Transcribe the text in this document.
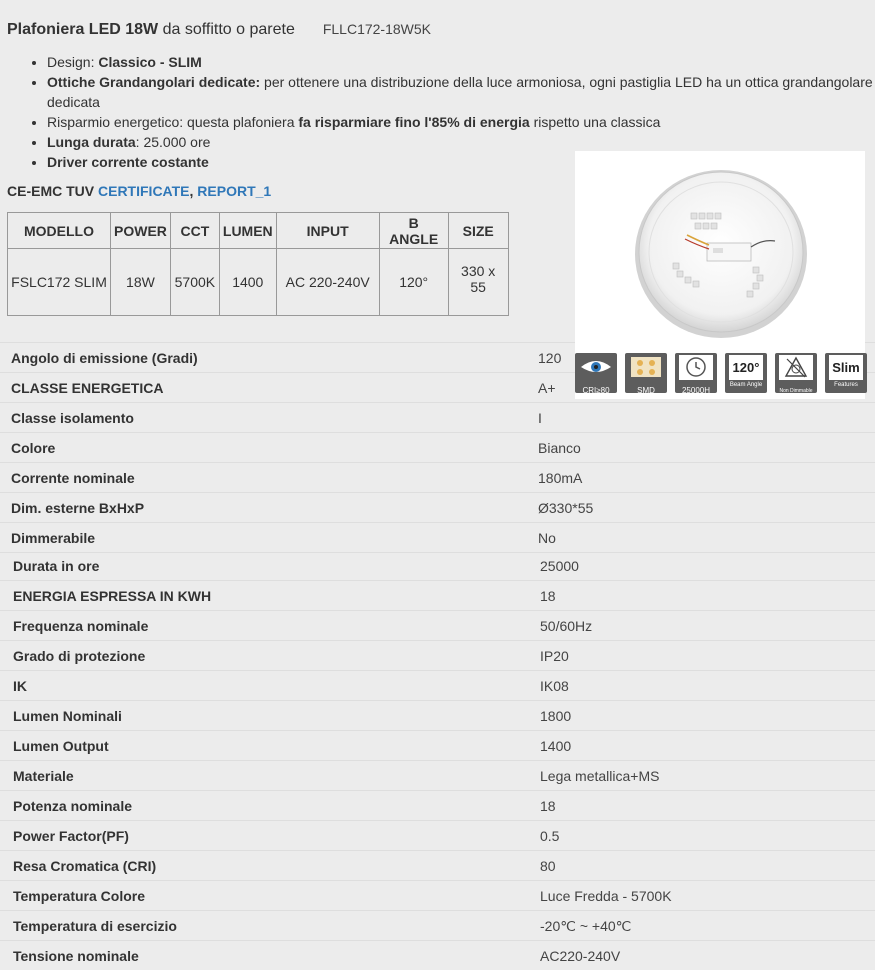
Plafoniera LED 18W da soffitto o parete FLLC172-18W5K
• Design: Classico - SLIM
• Ottiche Grandangolari dedicate: per ottenere una distribuzione della luce armoniosa, ogni pastiglia LED ha un ottica grandangolare dedicata
• Risparmio energetico: questa plafoniera fa risparmiare fino l'85% di energia rispetto una classica
• Lunga durata: 25.000 ore
• Driver corrente costante
CE-EMC TUV CERTIFICATE, REPORT_1
MODELLO	POWER	CCT	LUMEN	INPUT	B ANGLE	SIZE
FSLC172 SLIM	18W	5700K	1400	AC 220-240V	120°	330 x 55
Angolo di emissione (Gradi)	120
CLASSE ENERGETICA	A+
Classe isolamento	I
Colore	Bianco
Corrente nominale	180mA
Dim. esterne BxHxP	Ø330*55
Dimmerabile	No
Durata in ore	25000
ENERGIA ESPRESSA IN KWH	18
Frequenza nominale	50/60Hz
Grado di protezione	IP20
IK	IK08
Lumen Nominali	1800
Lumen Output	1400
Materiale	Lega metallica+MS
Potenza nominale	18
Power Factor(PF)	0.5
Resa Cromatica (CRI)	80
Temperatura Colore	Luce Fredda - 5700K
Temperatura di esercizio	-20℃ ~ +40℃
Tensione nominale	AC220-240V
CRI≥80	SMD	25000H
120°
Beam Angle
Non Dimmable
Slim
Features
